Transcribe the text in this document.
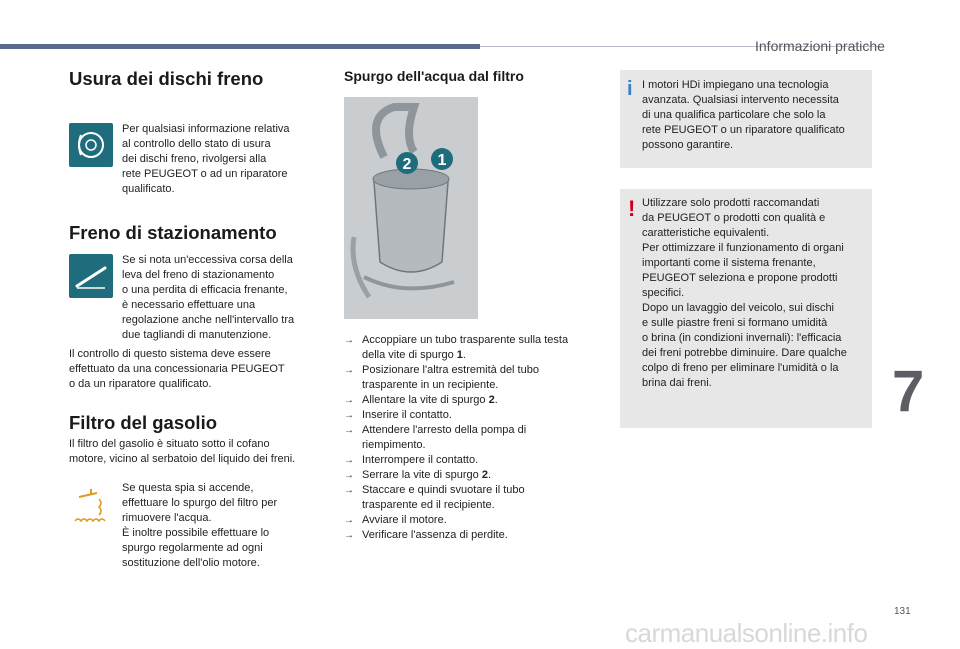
Informazioni pratiche
Usura dei dischi freno

Per qualsiasi informazione relativa
al controllo dello stato di usura
dei dischi freno, rivolgersi alla
rete PEUGEOT o ad un riparatore
qualificato.

Freno di stazionamento

Se si nota un'eccessiva corsa della
leva del freno di stazionamento
o una perdita di efficacia frenante,
è necessario effettuare una
regolazione anche nell'intervallo tra
due tagliandi di manutenzione.

Il controllo di questo sistema deve essere
effettuato da una concessionaria PEUGEOT
o da un riparatore qualificato.

Filtro del gasolio

Il filtro del gasolio è situato sotto il cofano
motore, vicino al serbatoio del liquido dei freni.

Se questa spia si accende,
effettuare lo spurgo del filtro per
rimuovere l'acqua.
È inoltre possibile effettuare lo
spurgo regolarmente ad ogni
sostituzione dell'olio motore.

Spurgo dell'acqua dal filtro
2 1
→ Accoppiare un tubo trasparente sulla testa
della vite di spurgo 1.
→ Posizionare l'altra estremità del tubo
trasparente in un recipiente.
→ Allentare la vite di spurgo 2.
→ Inserire il contatto.
→ Attendere l'arresto della pompa di
riempimento.
→ Interrompere il contatto.
→ Serrare la vite di spurgo 2.
→ Staccare e quindi svuotare il tubo
trasparente ed il recipiente.
→ Avviare il motore.
→ Verificare l'assenza di perdite.
i I motori HDi impiegano una tecnologia
avanzata. Qualsiasi intervento necessita
di una qualifica particolare che solo la
rete PEUGEOT o un riparatore qualificato
possono garantire.

! Utilizzare solo prodotti raccomandati
da PEUGEOT o prodotti con qualità e
caratteristiche equivalenti.
Per ottimizzare il funzionamento di organi
importanti come il sistema frenante,
PEUGEOT seleziona e propone prodotti
specifici.
Dopo un lavaggio del veicolo, sui dischi
e sulle piastre freni si formano umidità
o brina (in condizioni invernali): l'efficacia
dei freni potrebbe diminuire. Dare qualche
colpo di freno per eliminare l'umidità o la
brina dai freni.	7
131
carmanualsonline.info
